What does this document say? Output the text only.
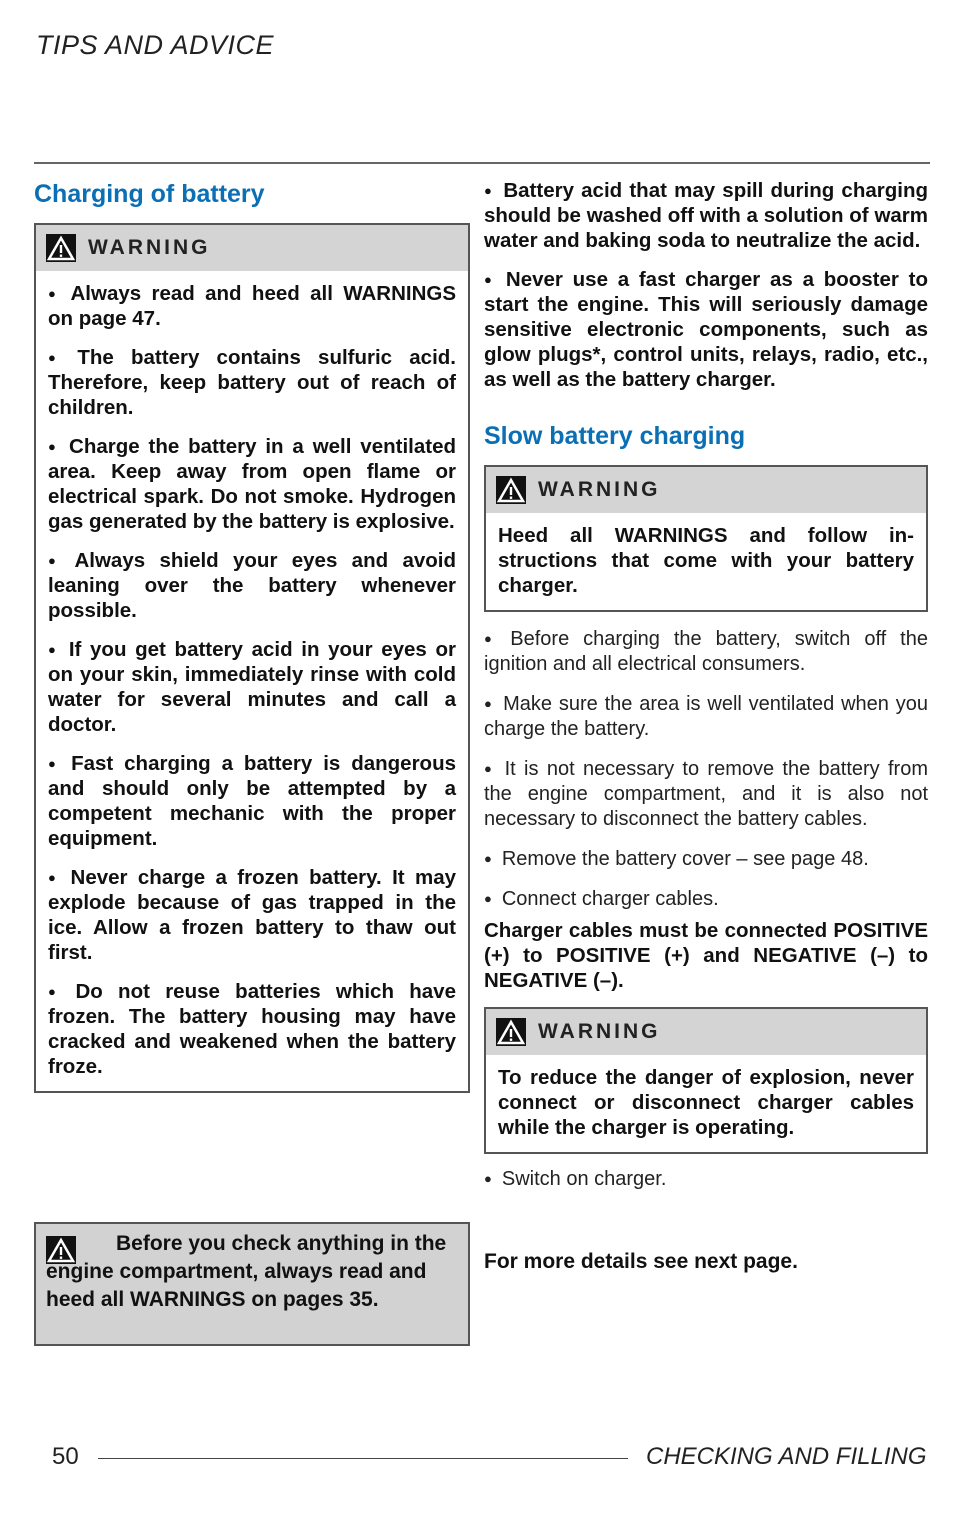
TIPS AND ADVICE
Charging of battery
WARNING

● Always read and heed all WARNINGS on page 47.

● The battery contains sulfuric acid. Therefore, keep battery out of reach of children.

● Charge the battery in a well ventilated area. Keep away from open flame or electrical spark. Do not smoke. Hydrogen gas generated by the battery is explosive.

● Always shield your eyes and avoid leaning over the battery whenever possible.

● If you get battery acid in your eyes or on your skin, immediately rinse with cold water for several minutes and call a doctor.

● Fast charging a battery is dangerous and should only be attempted by a competent mechanic with the proper equipment.

● Never charge a frozen battery. It may explode because of gas trapped in the ice. Allow a frozen battery to thaw out first.

● Do not reuse batteries which have frozen. The battery housing may have cracked and weakened when the battery froze.

Before you check anything in the engine compartment, always read and heed all WARNINGS on pages 35.

● Battery acid that may spill during charging should be washed off with a solution of warm water and baking soda to neutralize the acid.

● Never use a fast charger as a booster to start the engine. This will seriously damage sensitive electronic components, such as glow plugs*, control units, relays, radio, etc., as well as the battery charger.

Slow battery charging
WARNING

Heed all WARNINGS and follow instructions that come with your battery charger.

● Before charging the battery, switch off the ignition and all electrical consumers.

● Make sure the area is well ventilated when you charge the battery.

● It is not necessary to remove the battery from the engine compartment, and it is also not necessary to disconnect the battery cables.

● Remove the battery cover – see page 48.

● Connect charger cables.

Charger cables must be connected POSITIVE (+) to POSITIVE (+) and NEGATIVE (–) to NEGATIVE (–).

WARNING

To reduce the danger of explosion, never connect or disconnect charger cables while the charger is operating.

● Switch on charger.

For more details see next page.
50	CHECKING AND FILLING
